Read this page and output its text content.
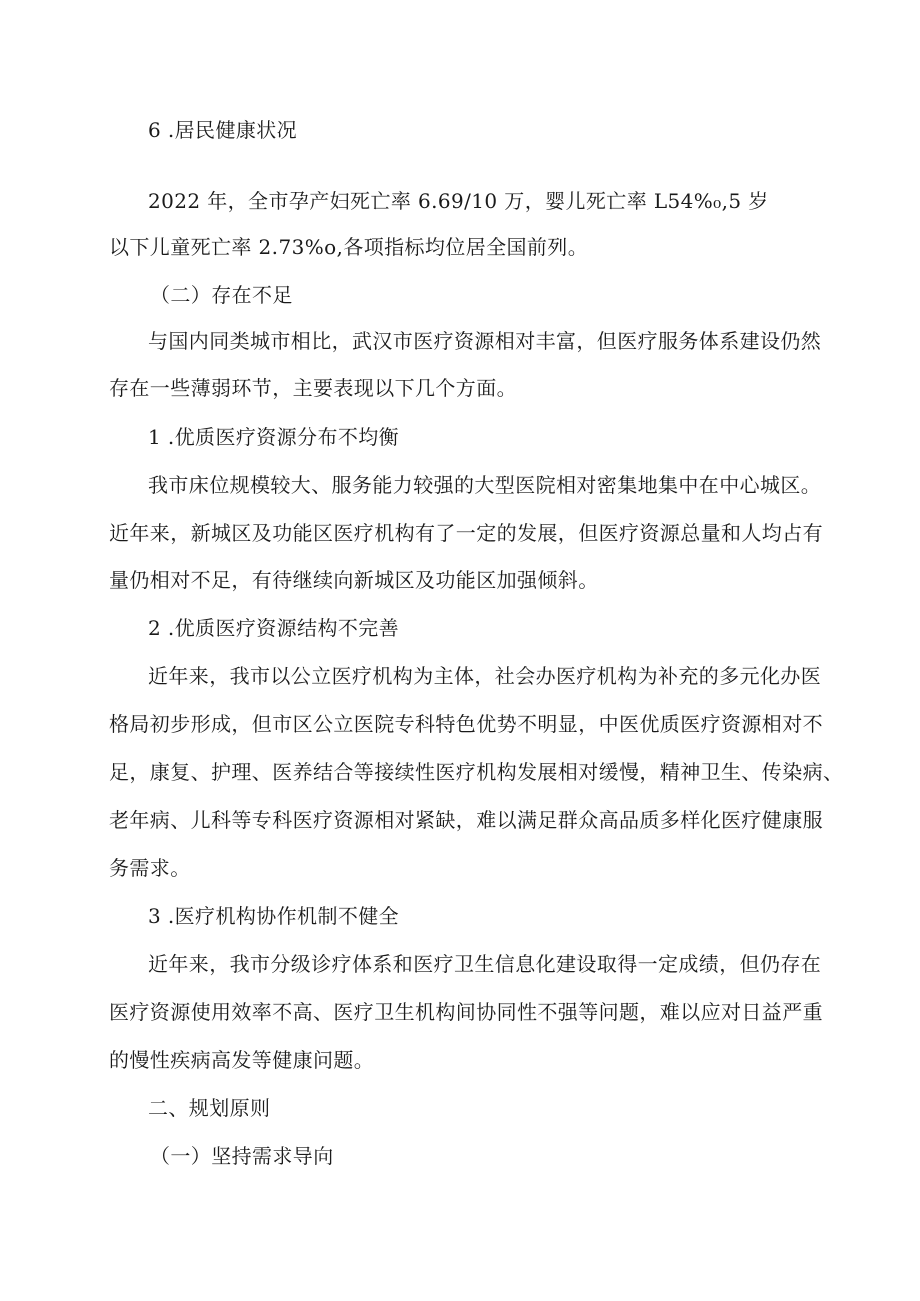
6 .居民健康状况
2022 年，全市孕产妇死亡率 6.69/10 万，婴儿死亡率 L54%₀,5 岁
以下儿童死亡率 2.73%o,各项指标均位居全国前列。
（二）存在不足
与国内同类城市相比，武汉市医疗资源相对丰富，但医疗服务体系建设仍然
存在一些薄弱环节，主要表现以下几个方面。
1 .优质医疗资源分布不均衡
我市床位规模较大、服务能力较强的大型医院相对密集地集中在中心城区。
近年来，新城区及功能区医疗机构有了一定的发展，但医疗资源总量和人均占有
量仍相对不足，有待继续向新城区及功能区加强倾斜。
2 .优质医疗资源结构不完善
近年来，我市以公立医疗机构为主体，社会办医疗机构为补充的多元化办医
格局初步形成，但市区公立医院专科特色优势不明显，中医优质医疗资源相对不
足，康复、护理、医养结合等接续性医疗机构发展相对缓慢，精神卫生、传染病、
老年病、儿科等专科医疗资源相对紧缺，难以满足群众高品质多样化医疗健康服
务需求。
3 .医疗机构协作机制不健全
近年来，我市分级诊疗体系和医疗卫生信息化建设取得一定成绩，但仍存在
医疗资源使用效率不高、医疗卫生机构间协同性不强等问题，难以应对日益严重
的慢性疾病高发等健康问题。
二、规划原则
（一）坚持需求导向
